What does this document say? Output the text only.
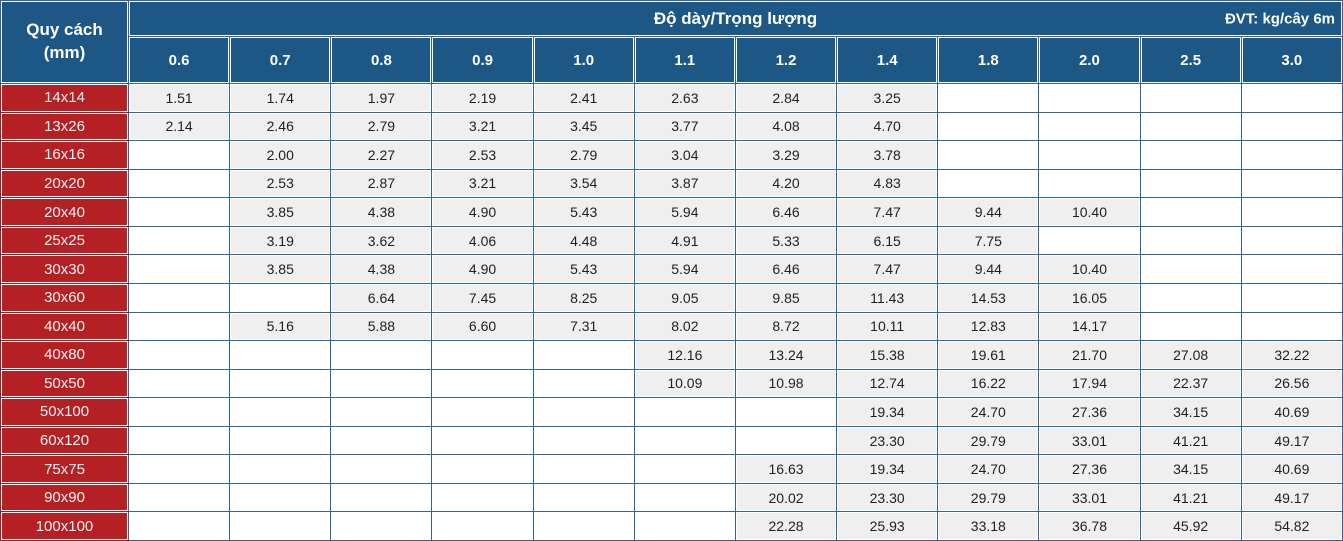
Quy cách
(mm)
	Độ dày/Trọng lượng	ĐVT: kg/cây 6m

	0.6	0.7	0.8	0.9	1.0	1.1	1.2	1.4	1.8	2.0	2.5	3.0
14x14	1.51	1.74	1.97	2.19	2.41	2.63	2.84	3.25				
13x26	2.14	2.46	2.79	3.21	3.45	3.77	4.08	4.70				
16x16		2.00	2.27	2.53	2.79	3.04	3.29	3.78				
20x20		2.53	2.87	3.21	3.54	3.87	4.20	4.83				
20x40		3.85	4.38	4.90	5.43	5.94	6.46	7.47	9.44	10.40		
25x25		3.19	3.62	4.06	4.48	4.91	5.33	6.15	7.75			
30x30		3.85	4.38	4.90	5.43	5.94	6.46	7.47	9.44	10.40		
30x60			6.64	7.45	8.25	9.05	9.85	11.43	14.53	16.05		
40x40		5.16	5.88	6.60	7.31	8.02	8.72	10.11	12.83	14.17		
40x80						12.16	13.24	15.38	19.61	21.70	27.08	32.22
50x50						10.09	10.98	12.74	16.22	17.94	22.37	26.56
50x100								19.34	24.70	27.36	34.15	40.69
60x120								23.30	29.79	33.01	41.21	49.17
75x75							16.63	19.34	24.70	27.36	34.15	40.69
90x90							20.02	23.30	29.79	33.01	41.21	49.17
100x100							22.28	25.93	33.18	36.78	45.92	54.82
